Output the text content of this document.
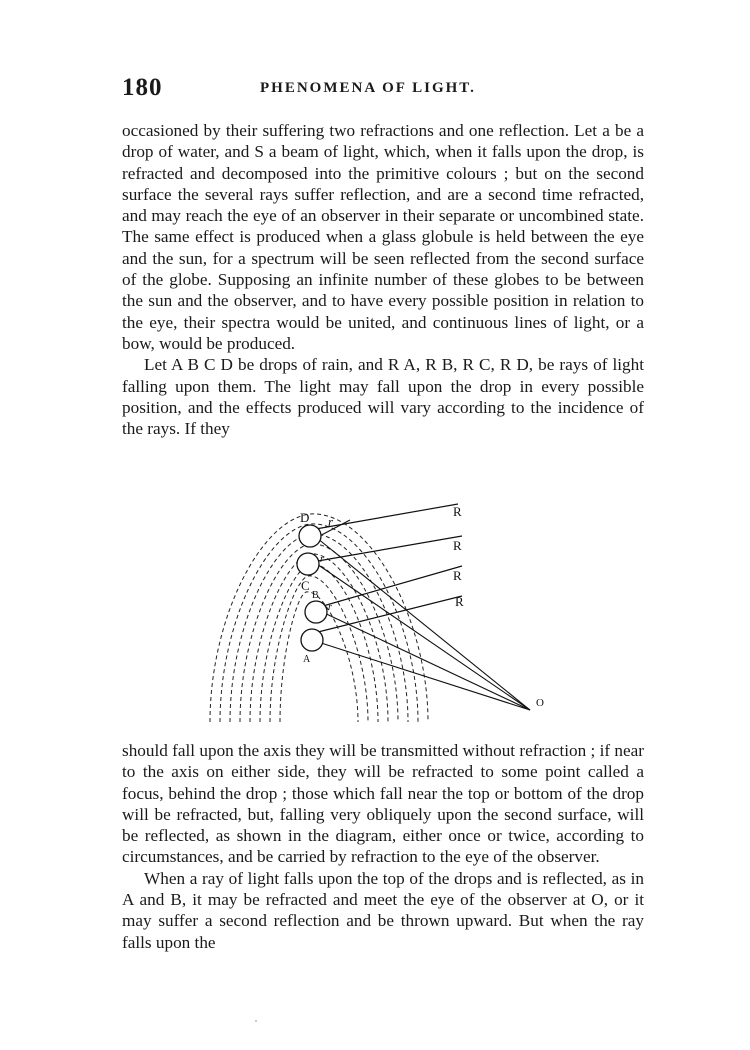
180	PHENOMENA OF LIGHT.

occasioned by their suffering two refractions and one reflection. Let a be a drop of water, and S a beam of light, which, when it falls upon the drop, is refracted and decomposed into the primitive colours ; but on the second surface the several rays suffer reflection, and are a second time refracted, and may reach the eye of an observer in their separate or uncombined state. The same effect is produced when a glass globule is held between the eye and the sun, for a spectrum will be seen reflected from the second surface of the globe. Supposing an infinite number of these globes to be between the sun and the observer, and to have every possible position in relation to the eye, their spectra would be united, and continuous lines of light, or a bow, would be produced.

Let A B C D be drops of rain, and R A, R B, R C, R D, be rays of light falling upon them. The light may fall upon the drop in every possible position, and the effects produced will vary according to the incidence of the rays. If they

D r
r
C
B
r
A
R
R
R
R
O

should fall upon the axis they will be transmitted without refraction ; if near to the axis on either side, they will be refracted to some point called a focus, behind the drop ; those which fall near the top or bottom of the drop will be refracted, but, falling very obliquely upon the second surface, will be reflected, as shown in the diagram, either once or twice, according to circumstances, and be carried by refraction to the eye of the observer.

When a ray of light falls upon the top of the drops and is reflected, as in A and B, it may be refracted and meet the eye of the observer at O, or it may suffer a second reflection and be thrown upward. But when the ray falls upon the
